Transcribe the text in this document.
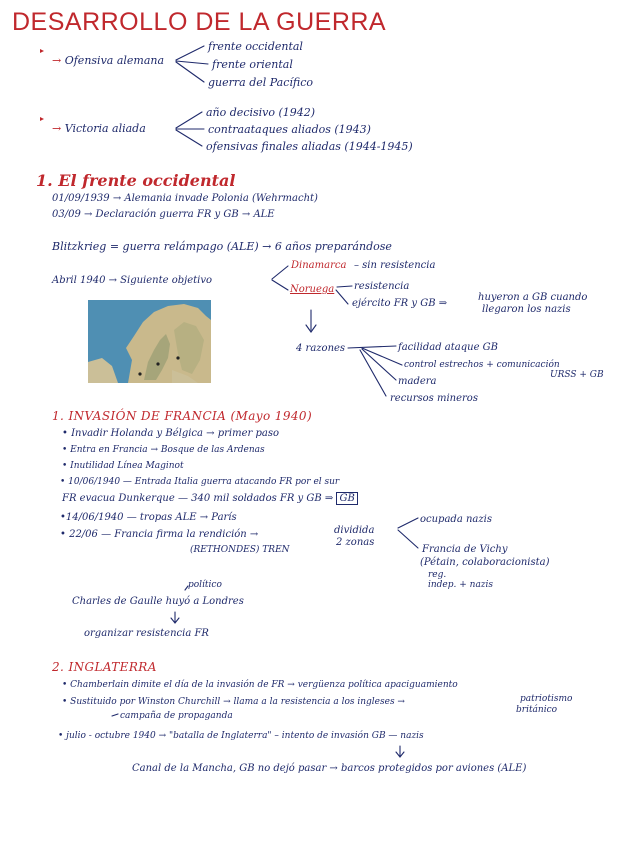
DESARROLLO DE LA GUERRA
→ Ofensiva alemana
frente occidental
frente oriental
guerra del Pacífico
→ Victoria aliada
año decisivo (1942)
contraataques aliados (1943)
ofensivas finales aliadas (1944-1945)
1. El frente occidental
01/09/1939 → Alemania invade Polonia (Wehrmacht)
03/09 → Declaración guerra FR y GB → ALE
Blitzkrieg = guerra relámpago (ALE) → 6 años preparándose
Abril 1940 → Siguiente objetivo
Dinamarca – sin resistencia
Noruega resistencia
ejército FR y GB ⇒
huyeron a GB cuando
llegaron los nazis
4 razones	facilidad ataque GB
control estrechos + comunicación
URSS + GB
madera
recursos mineros
1. INVASIÓN DE FRANCIA (Mayo 1940)
• Invadir Holanda y Bélgica → primer paso
• Entra en Francia → Bosque de las Ardenas
• Inutilidad Línea Maginot
• 10/06/1940 — Entrada Italia guerra atacando FR por el sur
FR evacua Dunkerque — 340 mil soldados FR y GB ⇒ GB
•14/06/1940 — tropas ALE → París
• 22/06 — Francia firma la rendición →
(RETHONDES) TREN
dividida
2 zonas
ocupada nazis
Francia de Vichy
(Pétain, colaboracionista)
reg.
indep. + nazis
político
Charles de Gaulle huyó a Londres
organizar resistencia FR
2. INGLATERRA
• Chamberlain dimite el día de la invasión de FR → vergüenza política apaciguamiento
• Sustituido por Winston Churchill → llama a la resistencia a los ingleses →	patriotismo
británico
campaña de propaganda
• julio - octubre 1940 → "batalla de Inglaterra" – intento de invasión GB — nazis
Canal de la Mancha, GB no dejó pasar → barcos protegidos por aviones (ALE)
